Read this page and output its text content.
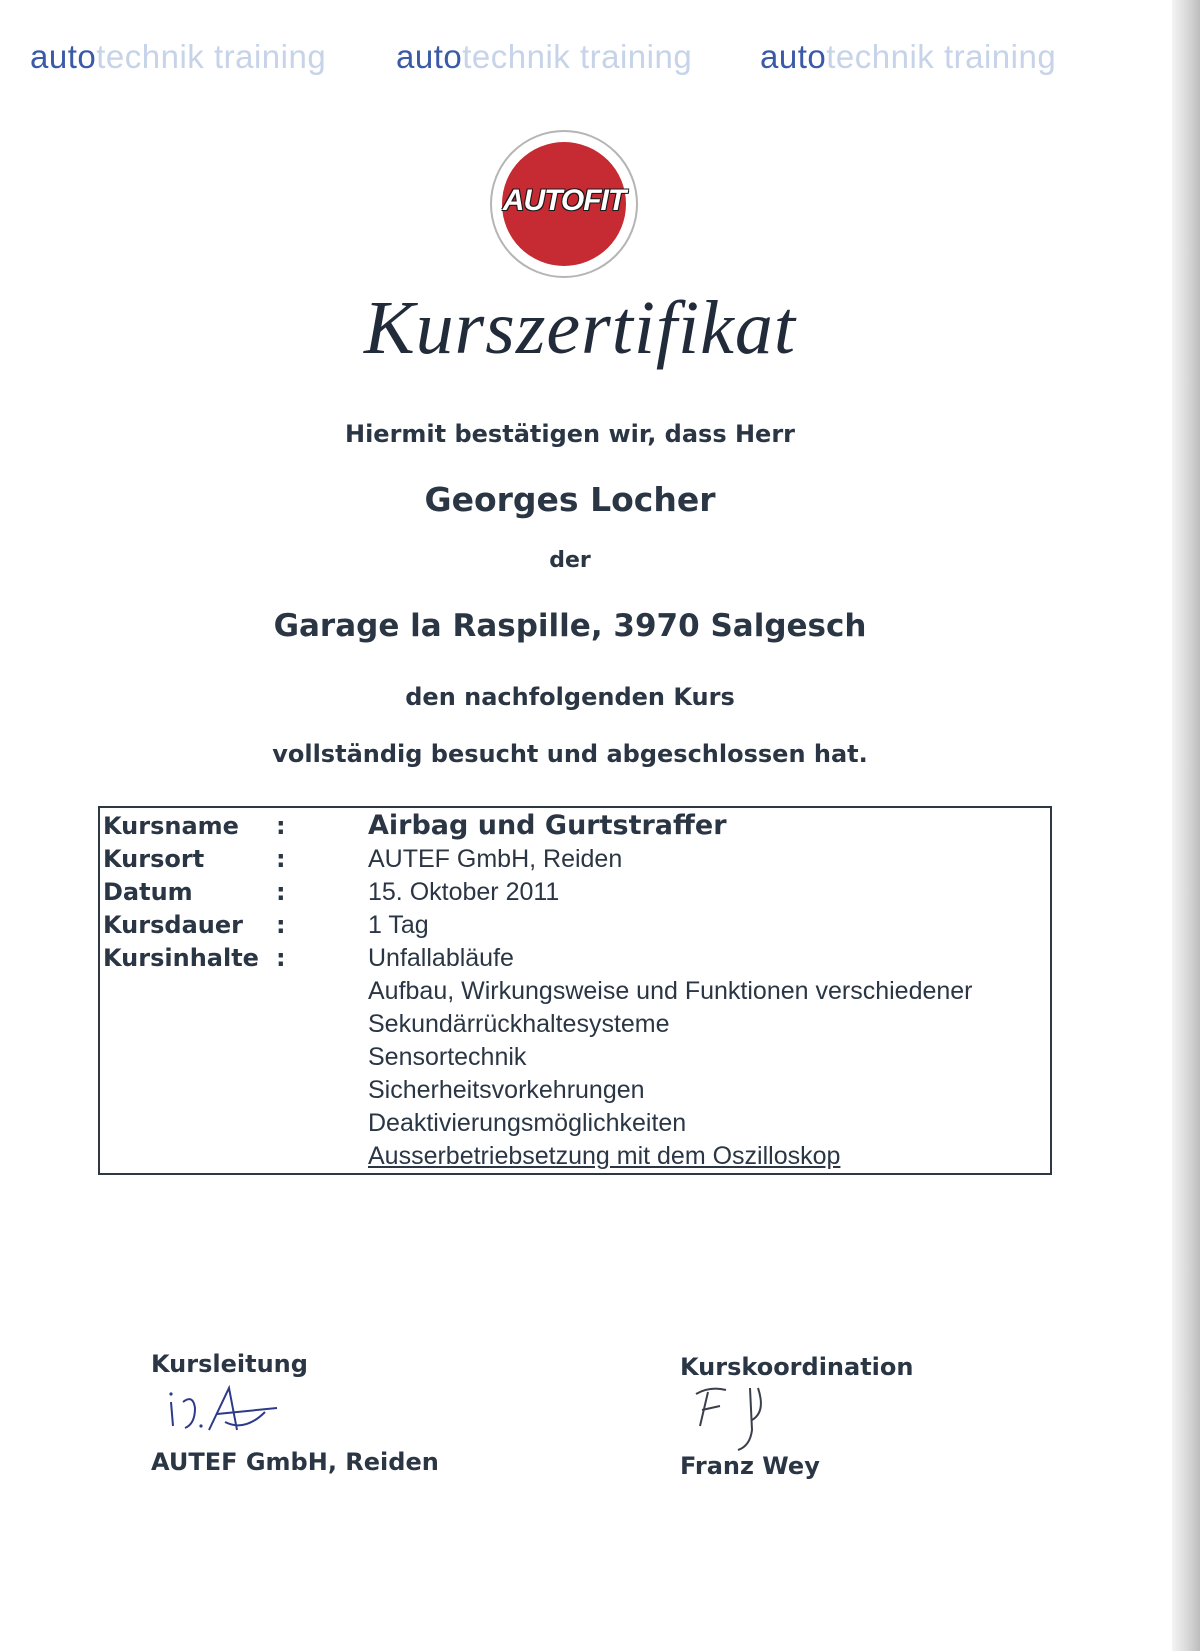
autotechnik training autotechnik training autotechnik training
AUTOFIT
Kurszertifikat
Hiermit bestätigen wir, dass Herr
Georges Locher
der
Garage la Raspille, 3970 Salgesch
den nachfolgenden Kurs
vollständig besucht und abgeschlossen hat.
Kursname :	Airbag und Gurtstraffer
Kursort	:	AUTEF GmbH, Reiden
Datum	:	15. Oktober 2011
Kursdauer :	1 Tag
Kursinhalte :	Unfallabläufe
Aufbau, Wirkungsweise und Funktionen verschiedener
Sekundärrückhaltesysteme
Sensortechnik
Sicherheitsvorkehrungen
Deaktivierungsmöglichkeiten
Ausserbetriebsetzung mit dem Oszilloskop
Kursleitung
AUTEF GmbH, Reiden
Kurskoordination
Franz Wey
